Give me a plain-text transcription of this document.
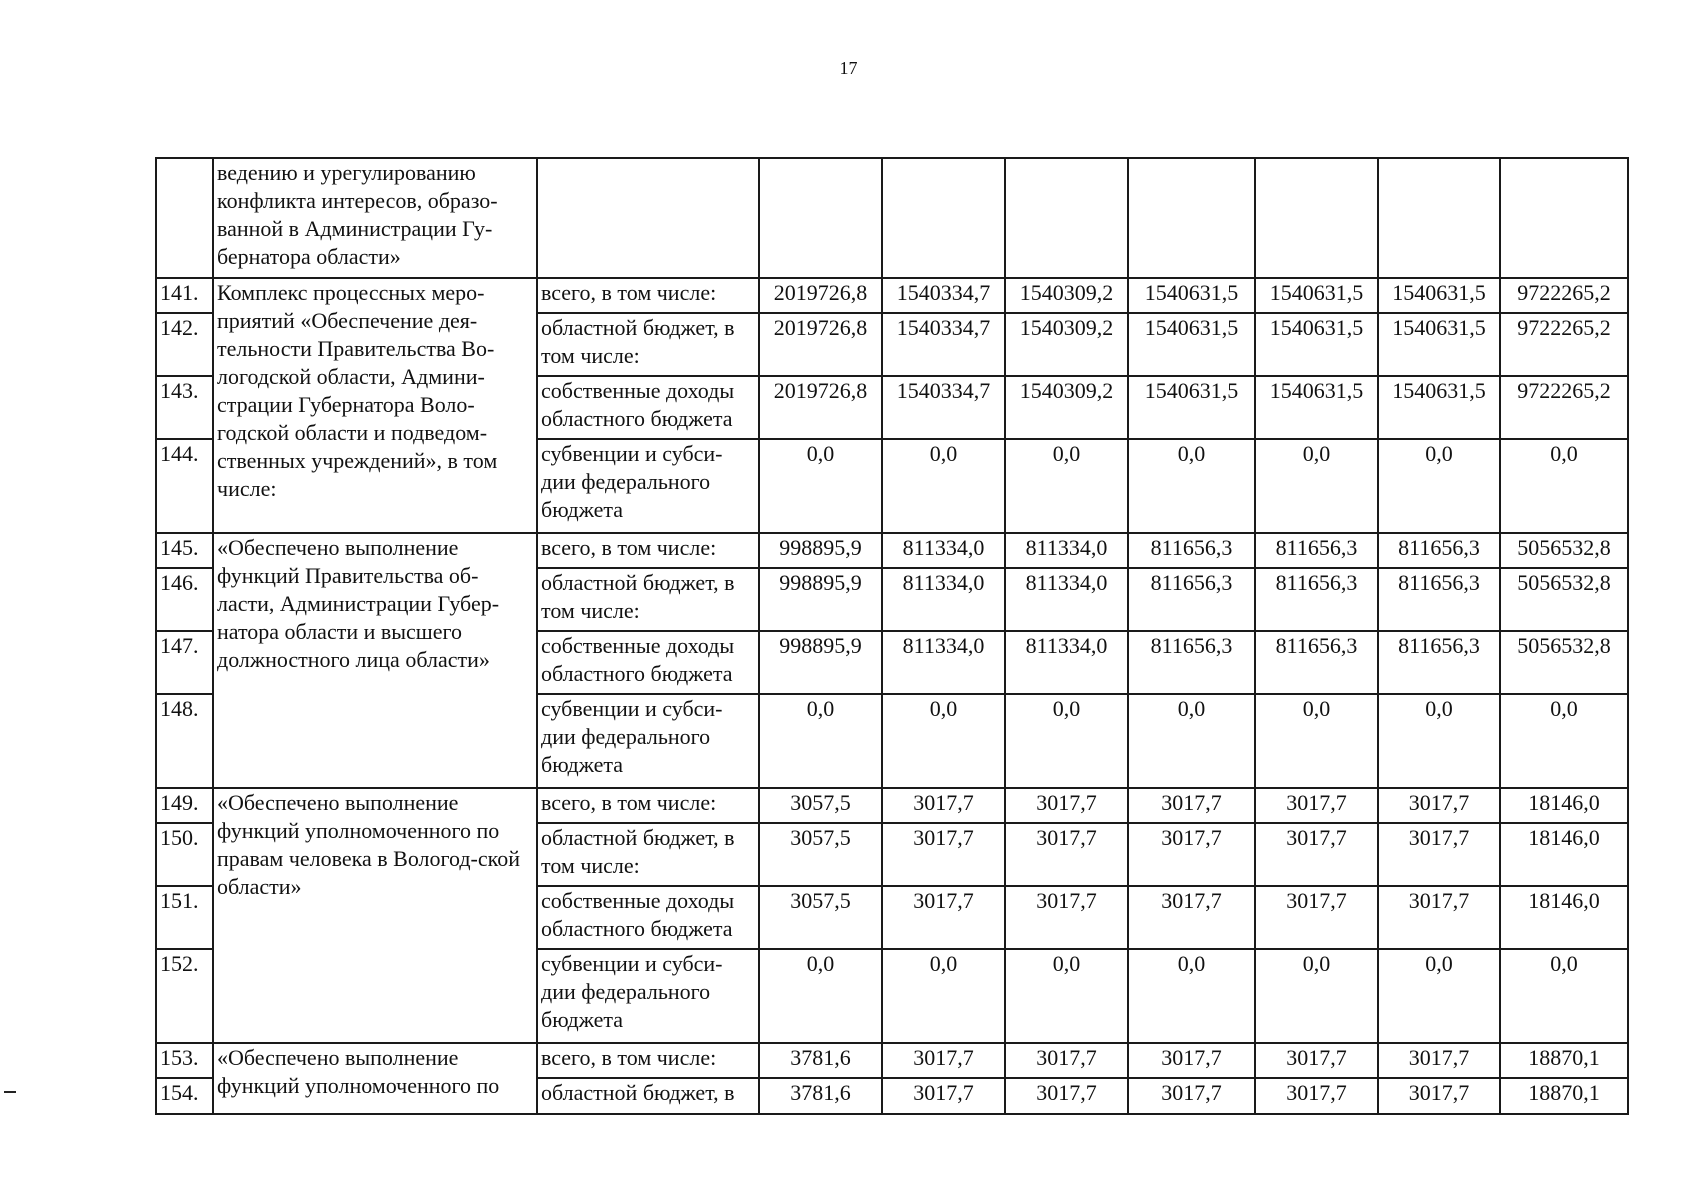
17
	ведению и урегулированию конфликта интересов, образо-ванной в Администрации Гу-бернатора области»								
141.	Комплекс процессных меро-приятий «Обеспечение дея-тельности Правительства Во-логодской области, Админи-страции Губернатора Воло-годской области и подведом-ственных учреждений», в том числе:	всего, в том числе:	2019726,8	1540334,7	1540309,2	1540631,5	1540631,5	1540631,5	9722265,2
142.		областной бюджет, в том числе:	2019726,8	1540334,7	1540309,2	1540631,5	1540631,5	1540631,5	9722265,2
143.		собственные доходы областного бюджета	2019726,8	1540334,7	1540309,2	1540631,5	1540631,5	1540631,5	9722265,2
144.		субвенции и субси-дии федерального бюджета	0,0	0,0	0,0	0,0	0,0	0,0	0,0
145.	«Обеспечено выполнение функций Правительства об-ласти, Администрации Губер-натора области и высшего должностного лица области»	всего, в том числе:	998895,9	811334,0	811334,0	811656,3	811656,3	811656,3	5056532,8
146.		областной бюджет, в том числе:	998895,9	811334,0	811334,0	811656,3	811656,3	811656,3	5056532,8
147.		собственные доходы областного бюджета	998895,9	811334,0	811334,0	811656,3	811656,3	811656,3	5056532,8
148.		субвенции и субси-дии федерального бюджета	0,0	0,0	0,0	0,0	0,0	0,0	0,0
149.	«Обеспечено выполнение функций уполномоченного по правам человека в Вологод-ской области»	всего, в том числе:	3057,5	3017,7	3017,7	3017,7	3017,7	3017,7	18146,0
150.		областной бюджет, в том числе:	3057,5	3017,7	3017,7	3017,7	3017,7	3017,7	18146,0
151.		собственные доходы областного бюджета	3057,5	3017,7	3017,7	3017,7	3017,7	3017,7	18146,0
152.		субвенции и субси-дии федерального бюджета	0,0	0,0	0,0	0,0	0,0	0,0	0,0
153.	«Обеспечено выполнение функций уполномоченного по	всего, в том числе:	3781,6	3017,7	3017,7	3017,7	3017,7	3017,7	18870,1
154.		областной бюджет, в	3781,6	3017,7	3017,7	3017,7	3017,7	3017,7	18870,1
